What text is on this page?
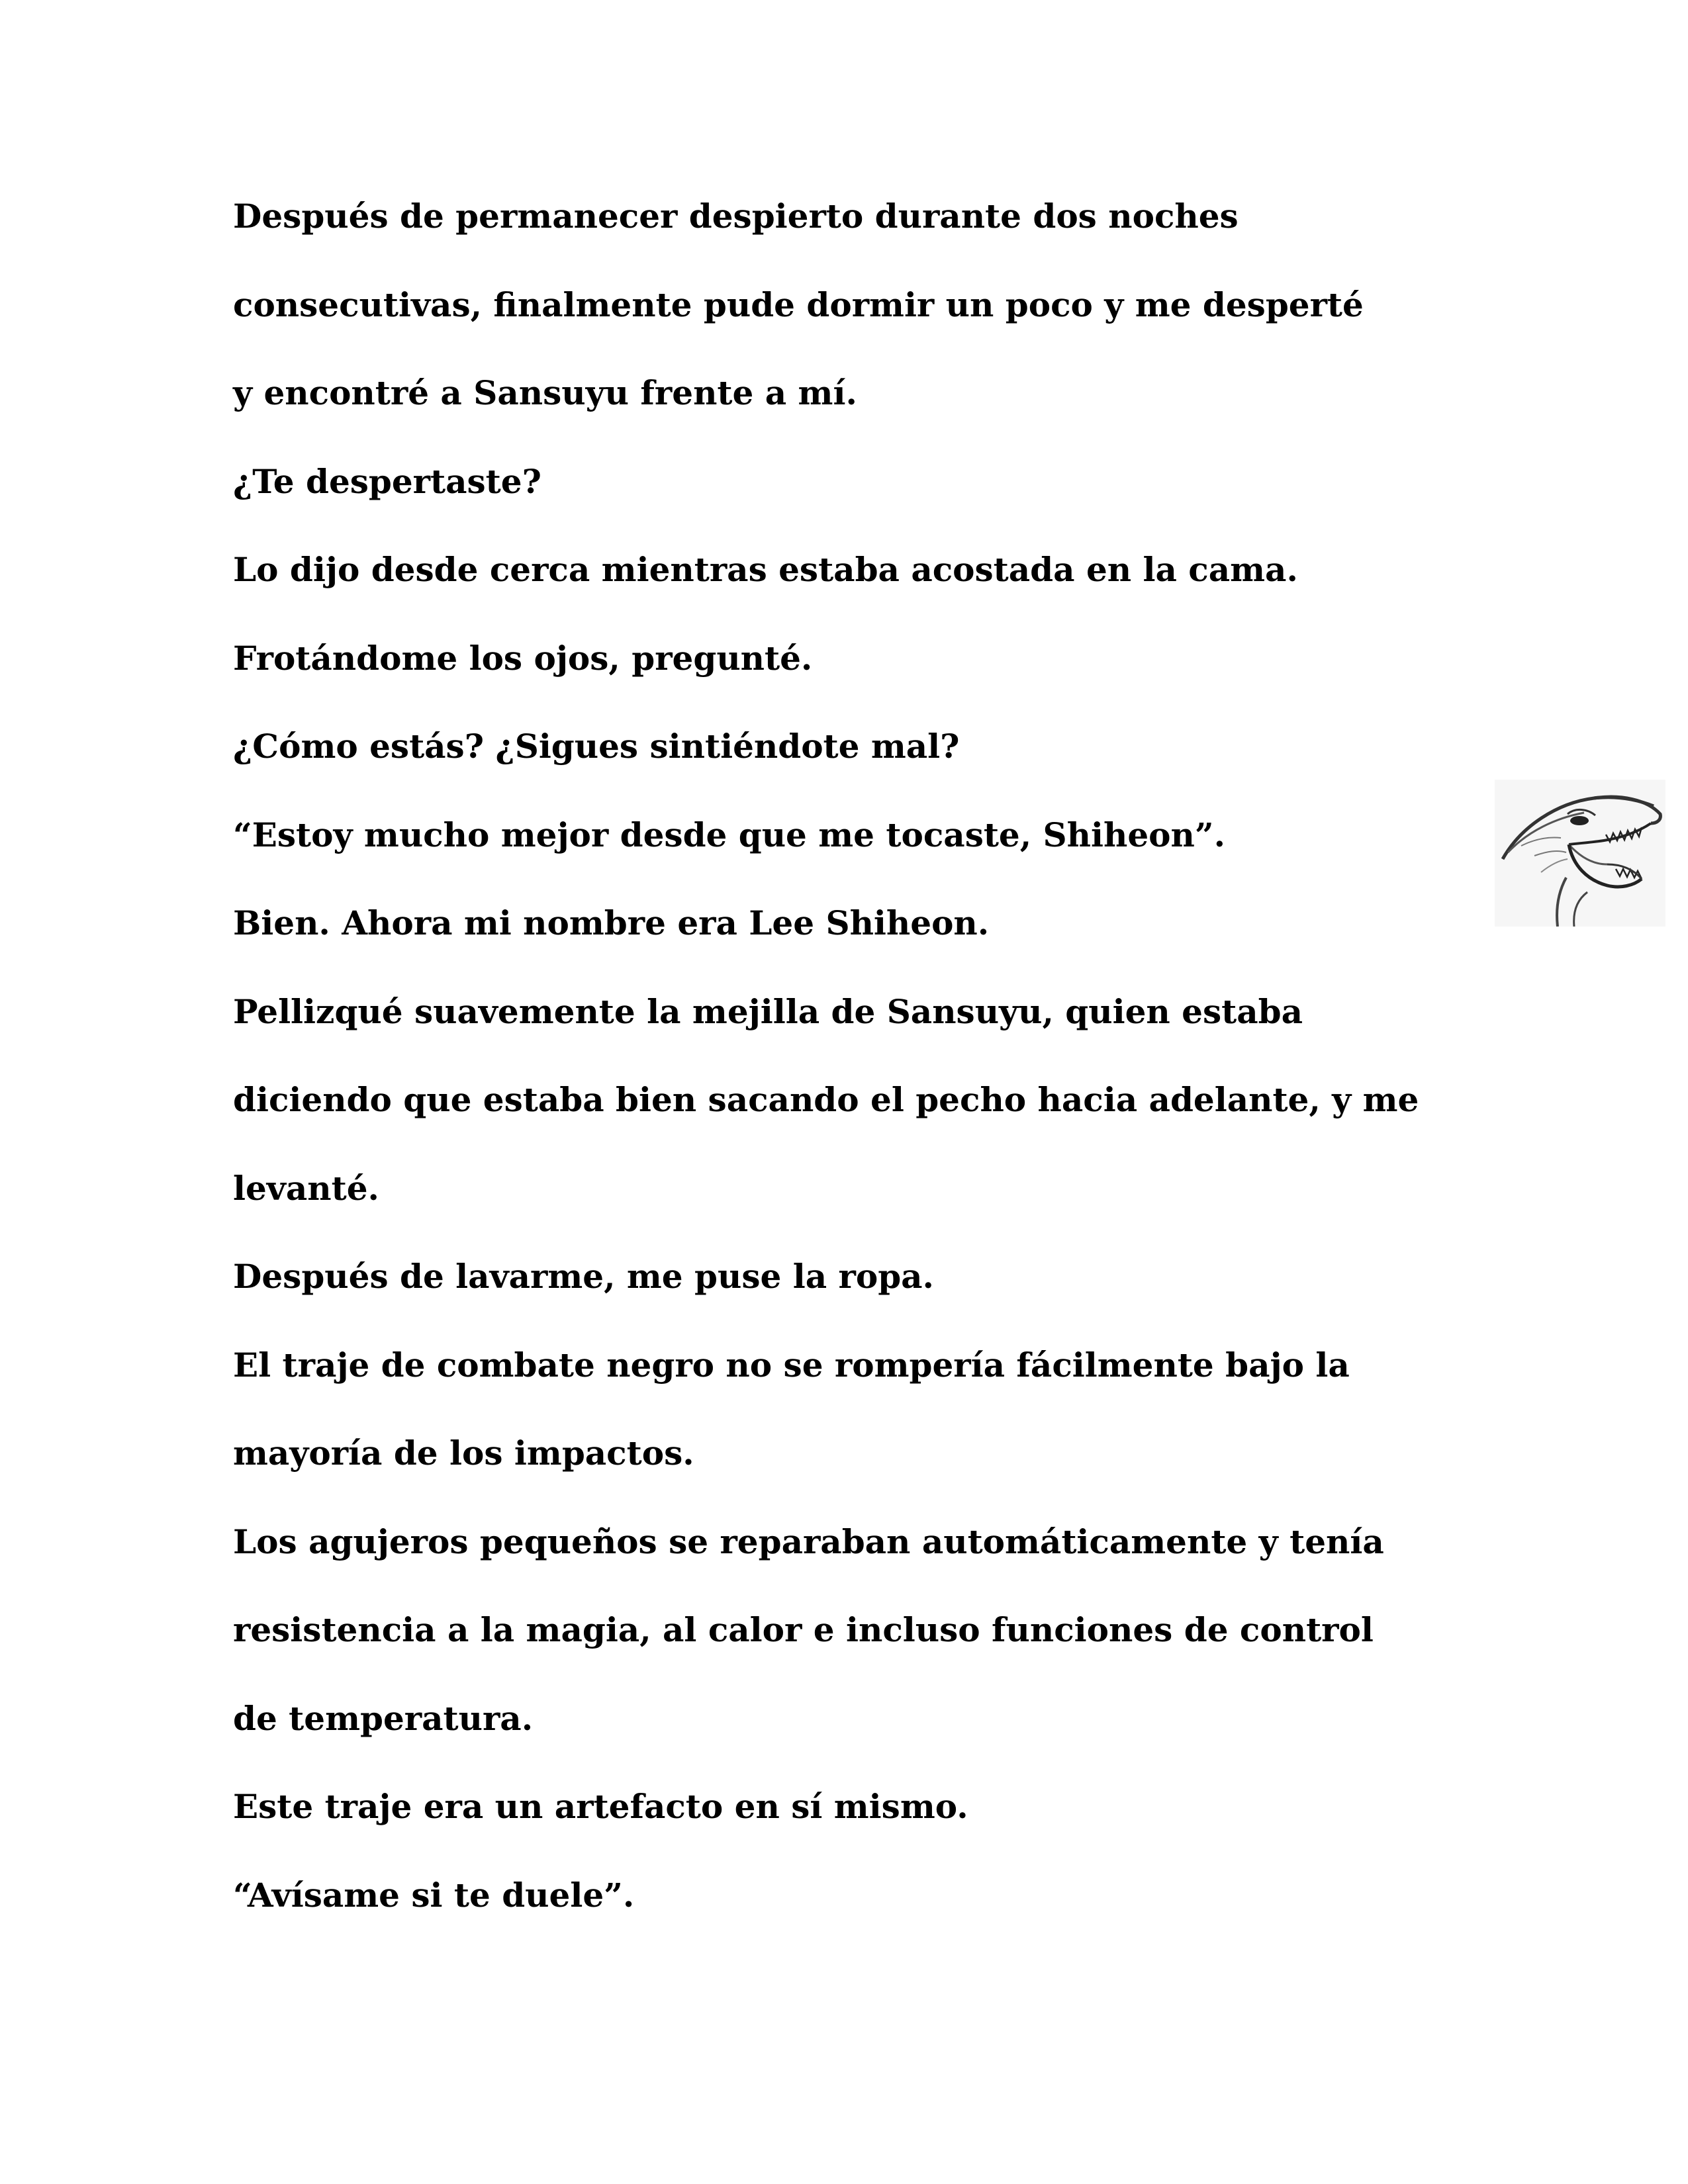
Después de permanecer despierto durante dos noches
consecutivas, finalmente pude dormir un poco y me desperté
y encontré a Sansuyu frente a mí.
¿Te despertaste?
Lo dijo desde cerca mientras estaba acostada en la cama.
Frotándome los ojos, pregunté.
¿Cómo estás? ¿Sigues sintiéndote mal?
“Estoy mucho mejor desde que me tocaste, Shiheon”.
Bien. Ahora mi nombre era Lee Shiheon.
Pellizqué suavemente la mejilla de Sansuyu, quien estaba
diciendo que estaba bien sacando el pecho hacia adelante, y me
levanté.
Después de lavarme, me puse la ropa.
El traje de combate negro no se rompería fácilmente bajo la
mayoría de los impactos.
Los agujeros pequeños se reparaban automáticamente y tenía
resistencia a la magia, al calor e incluso funciones de control
de temperatura.
Este traje era un artefacto en sí mismo.
“Avísame si te duele”.
